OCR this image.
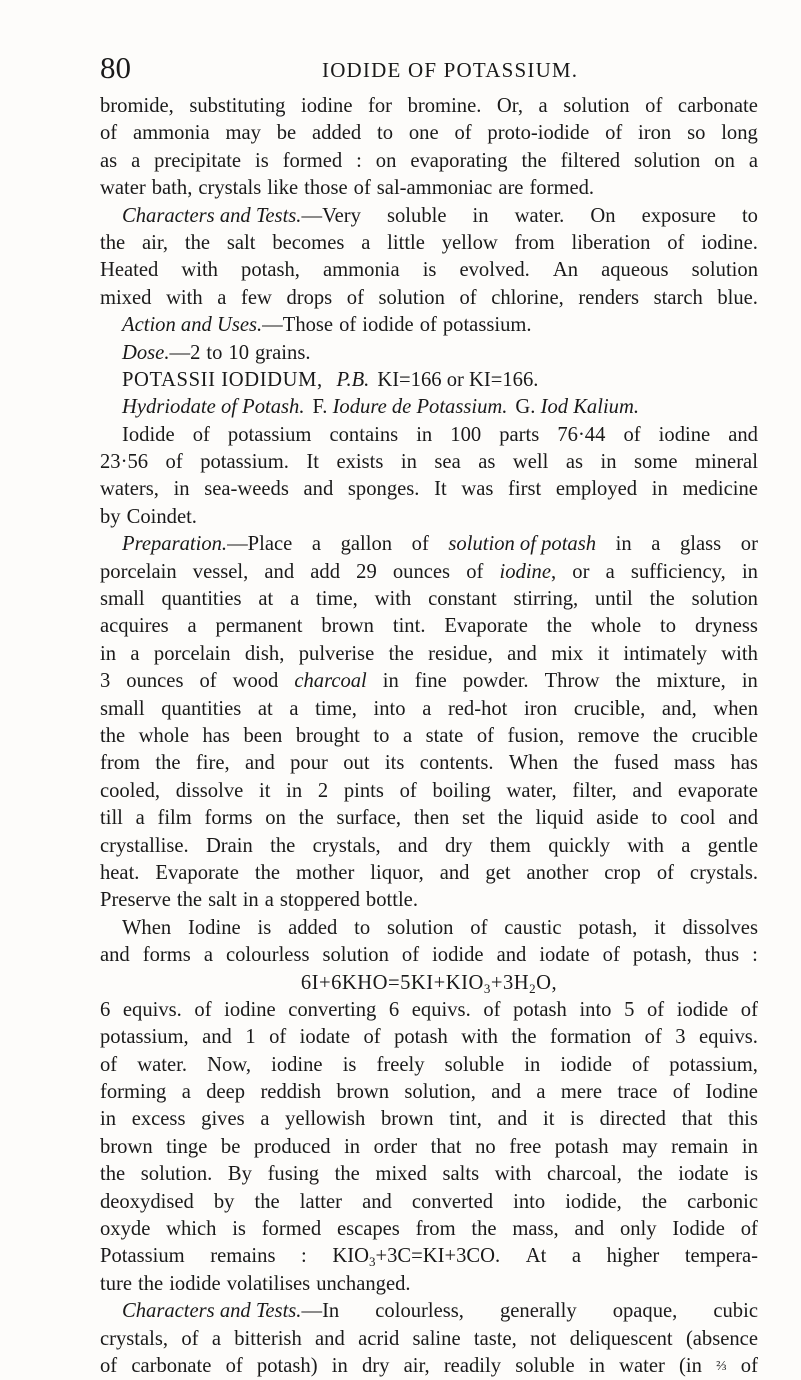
80	IODIDE OF POTASSIUM.
bromide, substituting iodine for bromine. Or, a solution of carbonate
of ammonia may be added to one of proto-iodide of iron so long
as a precipitate is formed : on evaporating the filtered solution on a
water bath, crystals like those of sal-ammoniac are formed.
Characters and Tests.—Very soluble in water. On exposure to
the air, the salt becomes a little yellow from liberation of iodine.
Heated with potash, ammonia is evolved. An aqueous solution
mixed with a few drops of solution of chlorine, renders starch blue.
Action and Uses.—Those of iodide of potassium.
Dose.—2 to 10 grains.
POTASSII IODIDUM, P.B. KI=166 or KI=166.
Hydriodate of Potash. F. Iodure de Potassium. G. Iod Kalium.
Iodide of potassium contains in 100 parts 76·44 of iodine and
23·56 of potassium. It exists in sea as well as in some mineral
waters, in sea-weeds and sponges. It was first employed in medicine
by Coindet.
Preparation.—Place a gallon of solution of potash in a glass or
porcelain vessel, and add 29 ounces of iodine, or a sufficiency, in
small quantities at a time, with constant stirring, until the solution
acquires a permanent brown tint. Evaporate the whole to dryness
in a porcelain dish, pulverise the residue, and mix it intimately with
3 ounces of wood charcoal in fine powder. Throw the mixture, in
small quantities at a time, into a red-hot iron crucible, and, when
the whole has been brought to a state of fusion, remove the crucible
from the fire, and pour out its contents. When the fused mass has
cooled, dissolve it in 2 pints of boiling water, filter, and evaporate
till a film forms on the surface, then set the liquid aside to cool and
crystallise. Drain the crystals, and dry them quickly with a gentle
heat. Evaporate the mother liquor, and get another crop of crystals.
Preserve the salt in a stoppered bottle.
When Iodine is added to solution of caustic potash, it dissolves
and forms a colourless solution of iodide and iodate of potash, thus :
$6I+6KHO=5KI+KIO_3+3H_2O$,
6 equivs. of iodine converting 6 equivs. of potash into 5 of iodide of
potassium, and 1 of iodate of potash with the formation of 3 equivs.
of water. Now, iodine is freely soluble in iodide of potassium,
forming a deep reddish brown solution, and a mere trace of Iodine
in excess gives a yellowish brown tint, and it is directed that this
brown tinge be produced in order that no free potash may remain in
the solution. By fusing the mixed salts with charcoal, the iodate is
deoxydised by the latter and converted into iodide, the carbonic
oxyde which is formed escapes from the mass, and only Iodide of
Potassium remains : $KIO_3+3C=KI+3CO$. At a higher tempera-
ture the iodide volatilises unchanged.
Characters and Tests.—In colourless, generally opaque, cubic
crystals, of a bitterish and acrid saline taste, not deliquescent (absence
of carbonate of potash) in dry air, readily soluble in water (in ⅔ of
